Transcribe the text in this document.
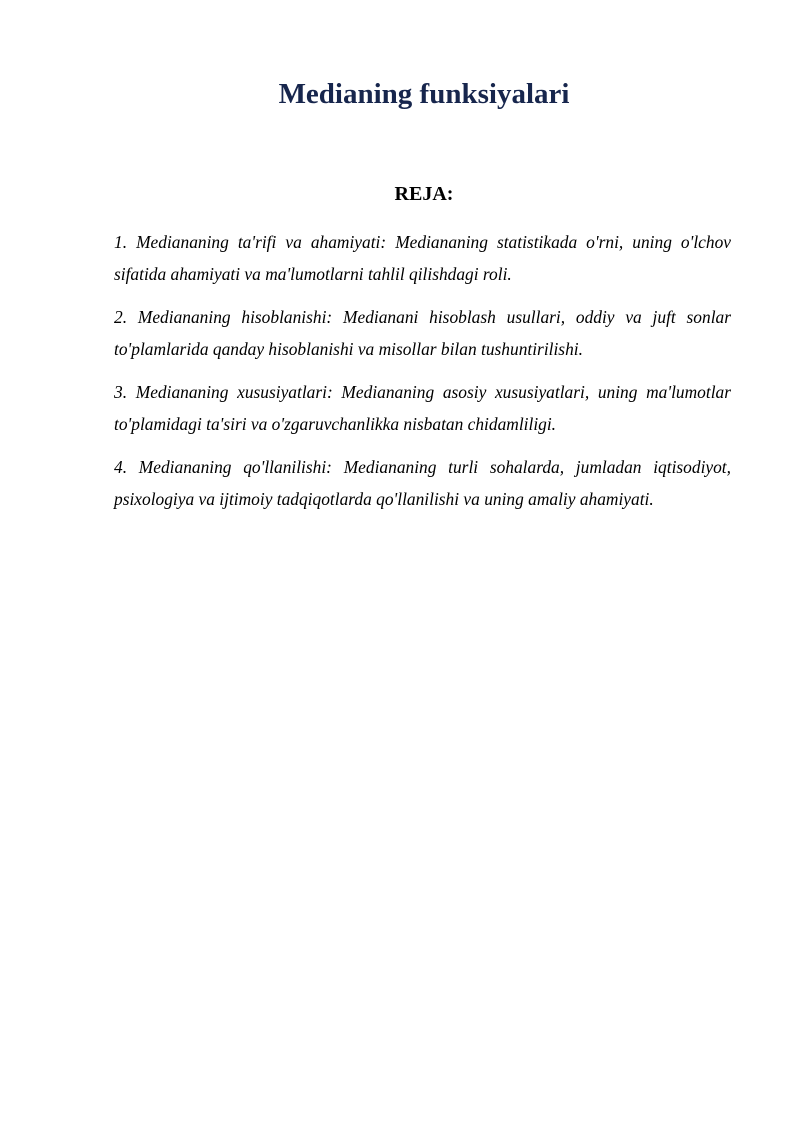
Medianing funksiyalari
REJA:
1. Mediananing ta'rifi va ahamiyati: Mediananing statistikada o'rni, uning o'lchov sifatida ahamiyati va ma'lumotlarni tahlil qilishdagi roli.
2. Mediananing hisoblanishi: Medianani hisoblash usullari, oddiy va juft sonlar to'plamlarida qanday hisoblanishi va misollar bilan tushuntirilishi.
3. Mediananing xususiyatlari: Mediananing asosiy xususiyatlari, uning ma'lumotlar to'plamidagi ta'siri va o'zgaruvchanlikka nisbatan chidamliligi.
4. Mediananing qo'llanilishi: Mediananing turli sohalarda, jumladan iqtisodiyot, psixologiya va ijtimoiy tadqiqotlarda qo'llanilishi va uning amaliy ahamiyati.
